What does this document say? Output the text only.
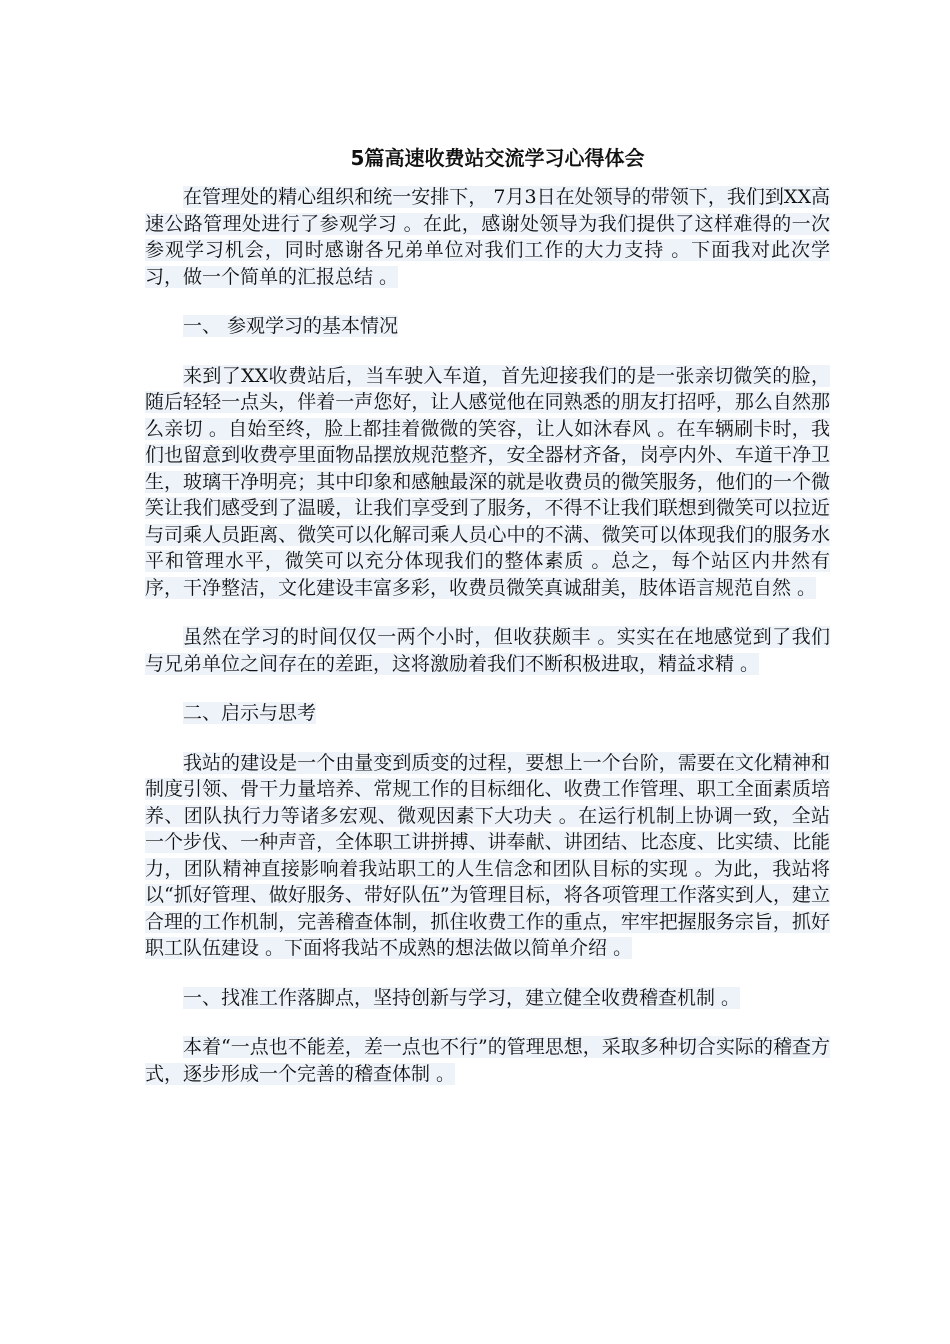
5篇高速收费站交流学习心得体会

在管理处的精心组织和统一安排下， 7月3日在处领导的带领下，我们到XX高速公路管理处进行了参观学习 。在此，感谢处领导为我们提供了这样难得的一次参观学习机会，同时感谢各兄弟单位对我们工作的大力支持 。下面我对此次学习，做一个简单的汇报总结 。

一、 参观学习的基本情况

来到了XX收费站后，当车驶入车道，首先迎接我们的是一张亲切微笑的脸，随后轻轻一点头，伴着一声您好，让人感觉他在同熟悉的朋友打招呼，那么自然那么亲切 。自始至终，脸上都挂着微微的笑容，让人如沐春风 。在车辆刷卡时，我们也留意到收费亭里面物品摆放规范整齐，安全器材齐备，岗亭内外、车道干净卫生，玻璃干净明亮；其中印象和感触最深的就是收费员的微笑服务，他们的一个微笑让我们感受到了温暖，让我们享受到了服务，不得不让我们联想到微笑可以拉近与司乘人员距离、微笑可以化解司乘人员心中的不满、微笑可以体现我们的服务水平和管理水平，微笑可以充分体现我们的整体素质 。总之，每个站区内井然有序，干净整洁，文化建设丰富多彩，收费员微笑真诚甜美，肢体语言规范自然 。

虽然在学习的时间仅仅一两个小时，但收获颇丰 。实实在在地感觉到了我们与兄弟单位之间存在的差距，这将激励着我们不断积极进取，精益求精 。

二、启示与思考

我站的建设是一个由量变到质变的过程，要想上一个台阶，需要在文化精神和制度引领、骨干力量培养、常规工作的目标细化、收费工作管理、职工全面素质培养、团队执行力等诸多宏观、微观因素下大功夫 。在运行机制上协调一致，全站一个步伐、一种声音，全体职工讲拼搏、讲奉献、讲团结、比态度、比实绩、比能力，团队精神直接影响着我站职工的人生信念和团队目标的实现 。为此，我站将以“抓好管理、做好服务、带好队伍”为管理目标，将各项管理工作落实到人，建立合理的工作机制，完善稽查体制，抓住收费工作的重点，牢牢把握服务宗旨，抓好职工队伍建设 。下面将我站不成熟的想法做以简单介绍 。

一、找准工作落脚点，坚持创新与学习，建立健全收费稽查机制 。

本着“一点也不能差，差一点也不行”的管理思想，采取多种切合实际的稽查方式，逐步形成一个完善的稽查体制 。
